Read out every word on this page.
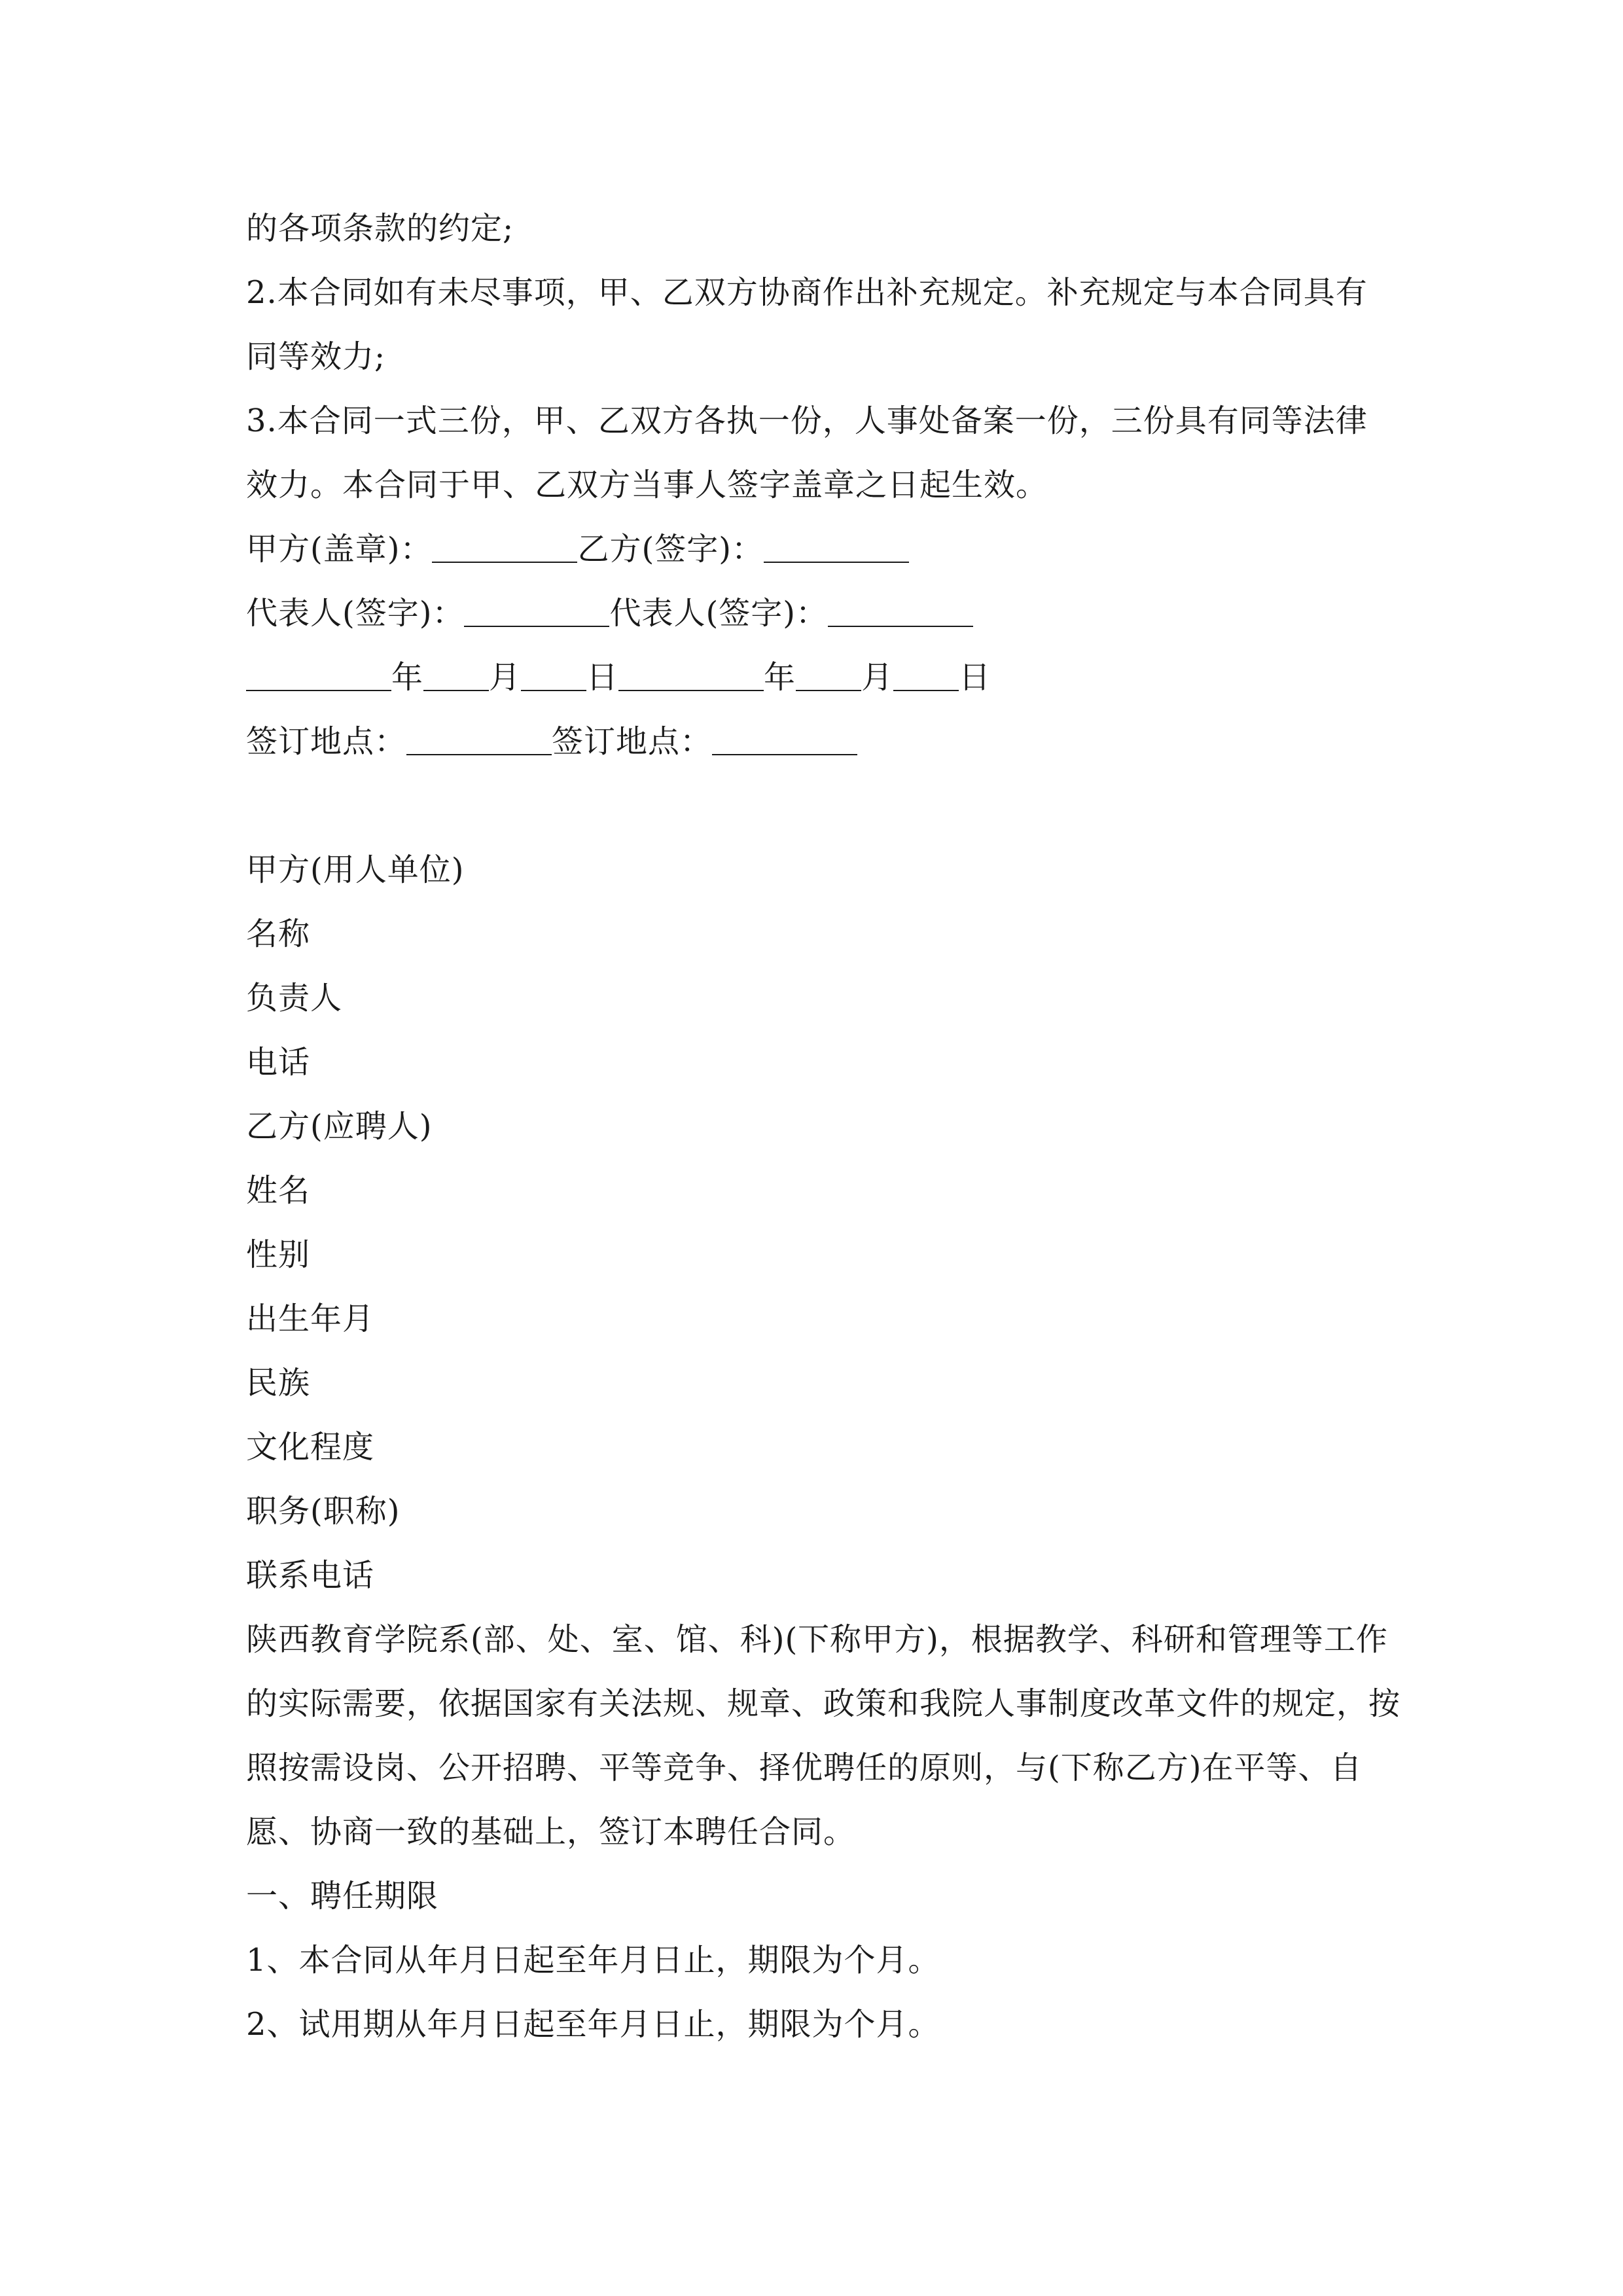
的各项条款的约定;
2.本合同如有未尽事项，甲、乙双方协商作出补充规定。补充规定与本合同具有
同等效力;
3.本合同一式三份，甲、乙双方各执一份，人事处备案一份，三份具有同等法律
效力。本合同于甲、乙双方当事人签字盖章之日起生效。
甲方(盖章)：	乙方(签字)：
代表人(签字)：	代表人(签字)：
年 月 日	年 月 日
签订地点：	签订地点：
甲方(用人单位)
名称
负责人
电话
乙方(应聘人)
姓名
性别
出生年月
民族
文化程度
职务(职称)
联系电话
陕西教育学院系(部、处、室、馆、科)(下称甲方)，根据教学、科研和管理等工作的实际需要，依据国家有关法规、规章、政策和我院人事制度改革文件的规定，按照按需设岗、公开招聘、平等竞争、择优聘任的原则，与(下称乙方)在平等、自愿、协商一致的基础上，签订本聘任合同。
一、聘任期限
1、本合同从年月日起至年月日止，期限为个月。
2、试用期从年月日起至年月日止，期限为个月。
